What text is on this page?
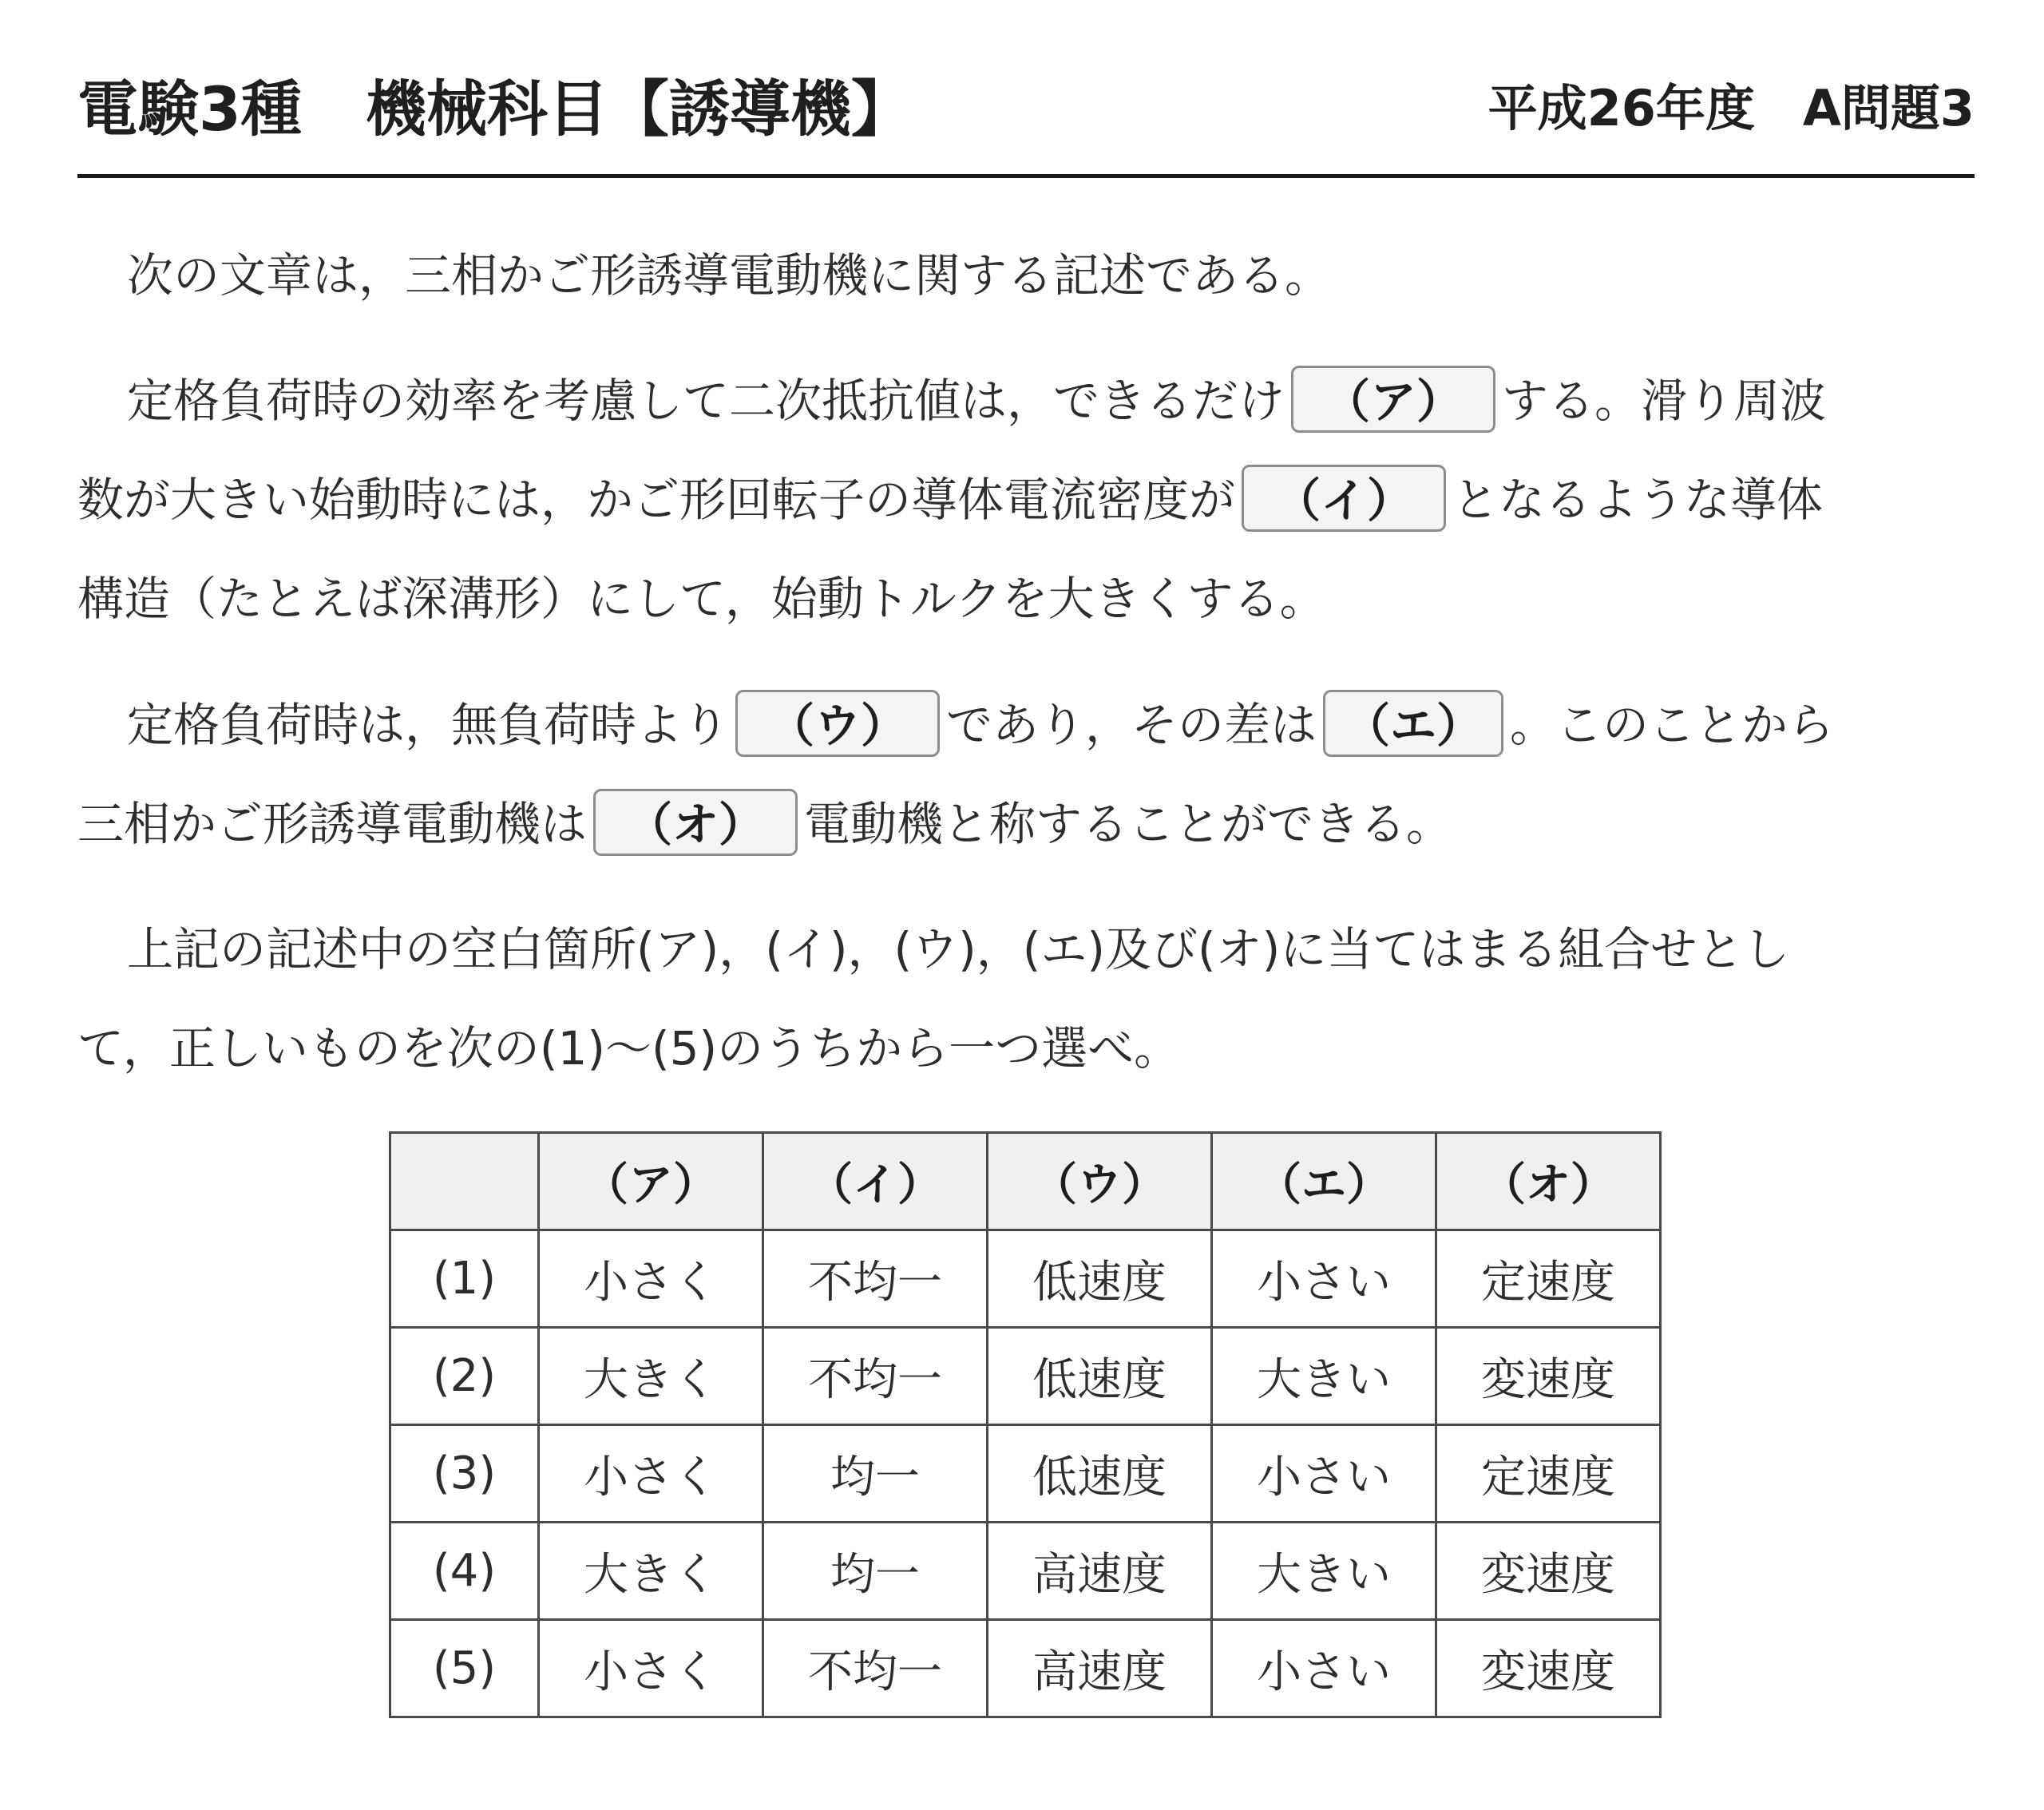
電験3種 機械科目【誘導機】	平成26年度 A問題3
次の文章は，三相かご形誘導電動機に関する記述である。
定格負荷時の効率を考慮して二次抵抗値は，できるだけ （ア） する。滑り周波
数が大きい始動時には，かご形回転子の導体電流密度が （イ） となるような導体
構造（たとえば深溝形）にして，始動トルクを大きくする。
定格負荷時は，無負荷時より （ウ） であり，その差は （エ） 。このことから
三相かご形誘導電動機は （オ） 電動機と称することができる。
上記の記述中の空白箇所(ア)，(イ)，(ウ)，(エ)及び(オ)に当てはまる組合せとし
て，正しいものを次の(1)〜(5)のうちから一つ選べ。
	（ア）	（イ）	（ウ）	（エ）	（オ）
(1)	小さく	不均一	低速度	小さい	定速度
(2)	大きく	不均一	低速度	大きい	変速度
(3)	小さく	均一	低速度	小さい	定速度
(4)	大きく	均一	高速度	大きい	変速度
(5)	小さく	不均一	高速度	小さい	変速度
